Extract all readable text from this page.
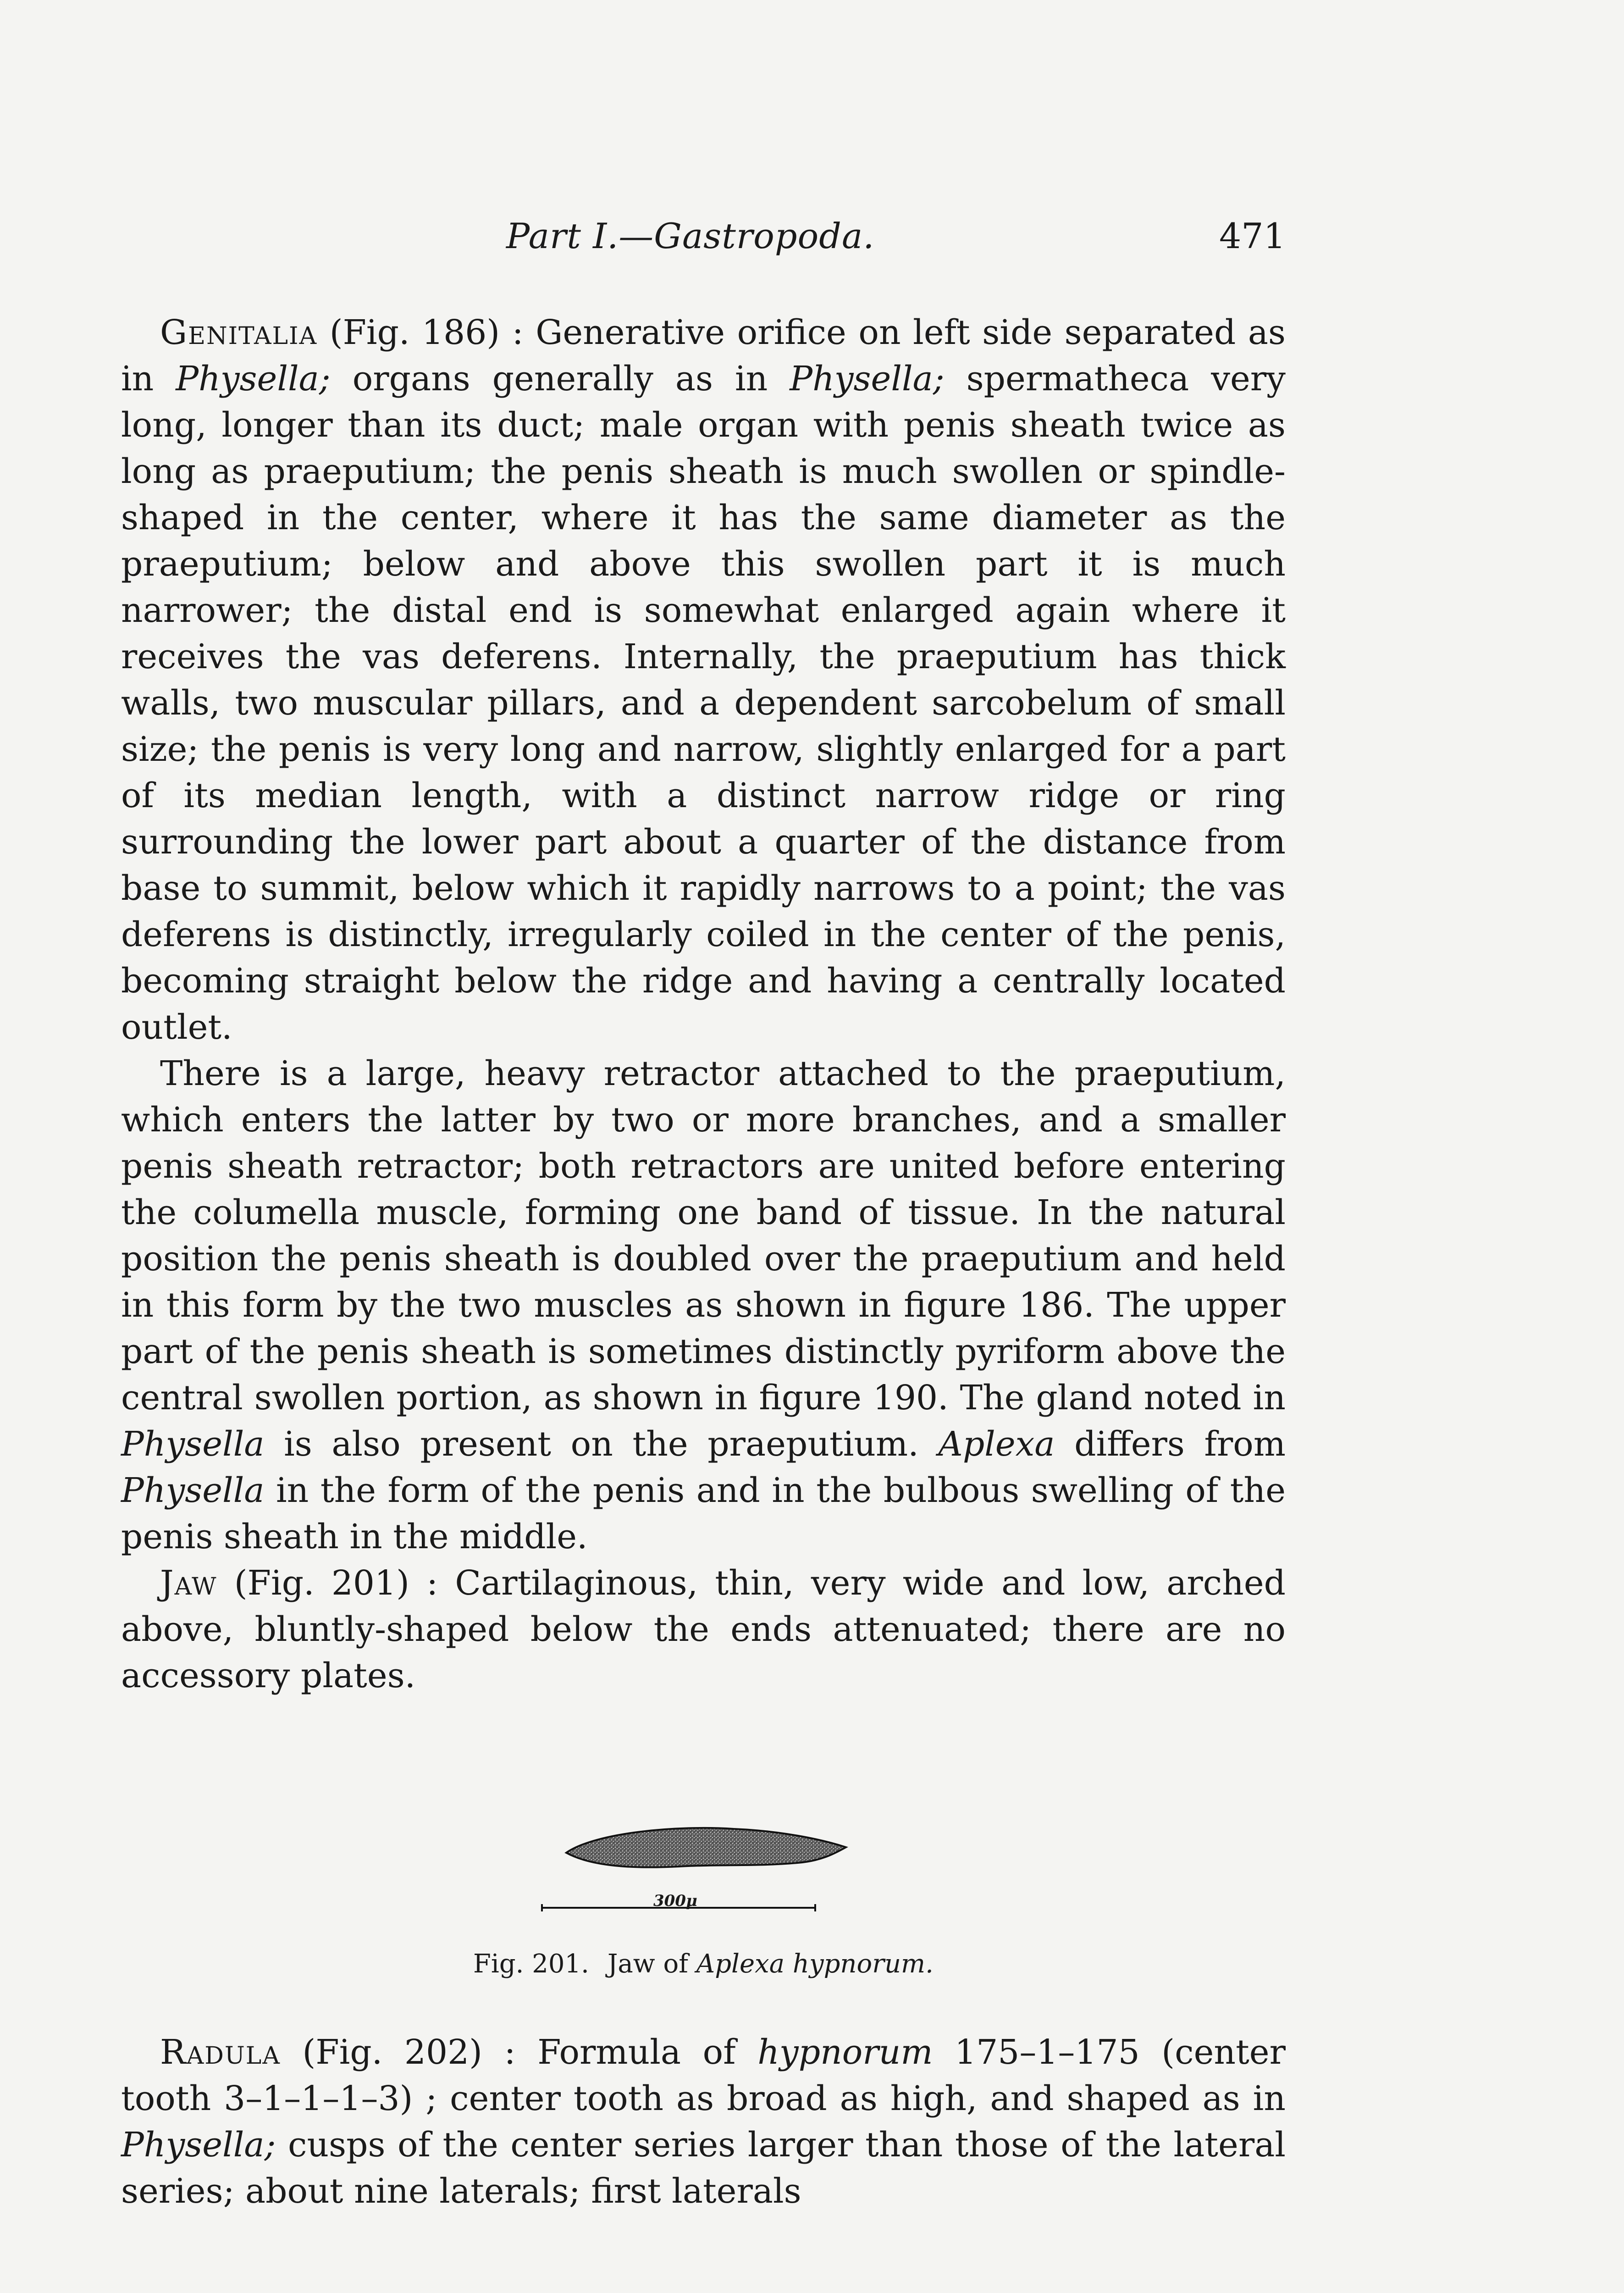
Part I.—Gastropoda.	471

Genitalia (Fig. 186) : Generative orifice on left side separated as in Physella; organs generally as in Physella; spermatheca very long, longer than its duct; male organ with penis sheath twice as long as praeputium; the penis sheath is much swollen or spindle-shaped in the center, where it has the same diameter as the praeputium; below and above this swollen part it is much narrower; the distal end is somewhat enlarged again where it receives the vas deferens. Internally, the praeputium has thick walls, two muscular pillars, and a dependent sarcobelum of small size; the penis is very long and narrow, slightly enlarged for a part of its median length, with a distinct narrow ridge or ring surrounding the lower part about a quarter of the distance from base to summit, below which it rapidly narrows to a point; the vas deferens is distinctly, irregularly coiled in the center of the penis, becoming straight below the ridge and having a centrally located outlet.

There is a large, heavy retractor attached to the praeputium, which enters the latter by two or more branches, and a smaller penis sheath retractor; both retractors are united before entering the columella muscle, forming one band of tissue. In the natural position the penis sheath is doubled over the praeputium and held in this form by the two muscles as shown in figure 186. The upper part of the penis sheath is sometimes distinctly pyriform above the central swollen portion, as shown in figure 190. The gland noted in Physella is also present on the praeputium. Aplexa differs from Physella in the form of the penis and in the bulbous swelling of the penis sheath in the middle.

Jaw (Fig. 201) : Cartilaginous, thin, very wide and low, arched above, bluntly-shaped below the ends attenuated; there are no accessory plates.

300μ
Fig. 201. Jaw of Aplexa hypnorum.

Radula (Fig. 202) : Formula of hypnorum 175–1–175 (center tooth 3–1–1–1–3) ; center tooth as broad as high, and shaped as in Physella; cusps of the center series larger than those of the lateral series; about nine laterals; first laterals
